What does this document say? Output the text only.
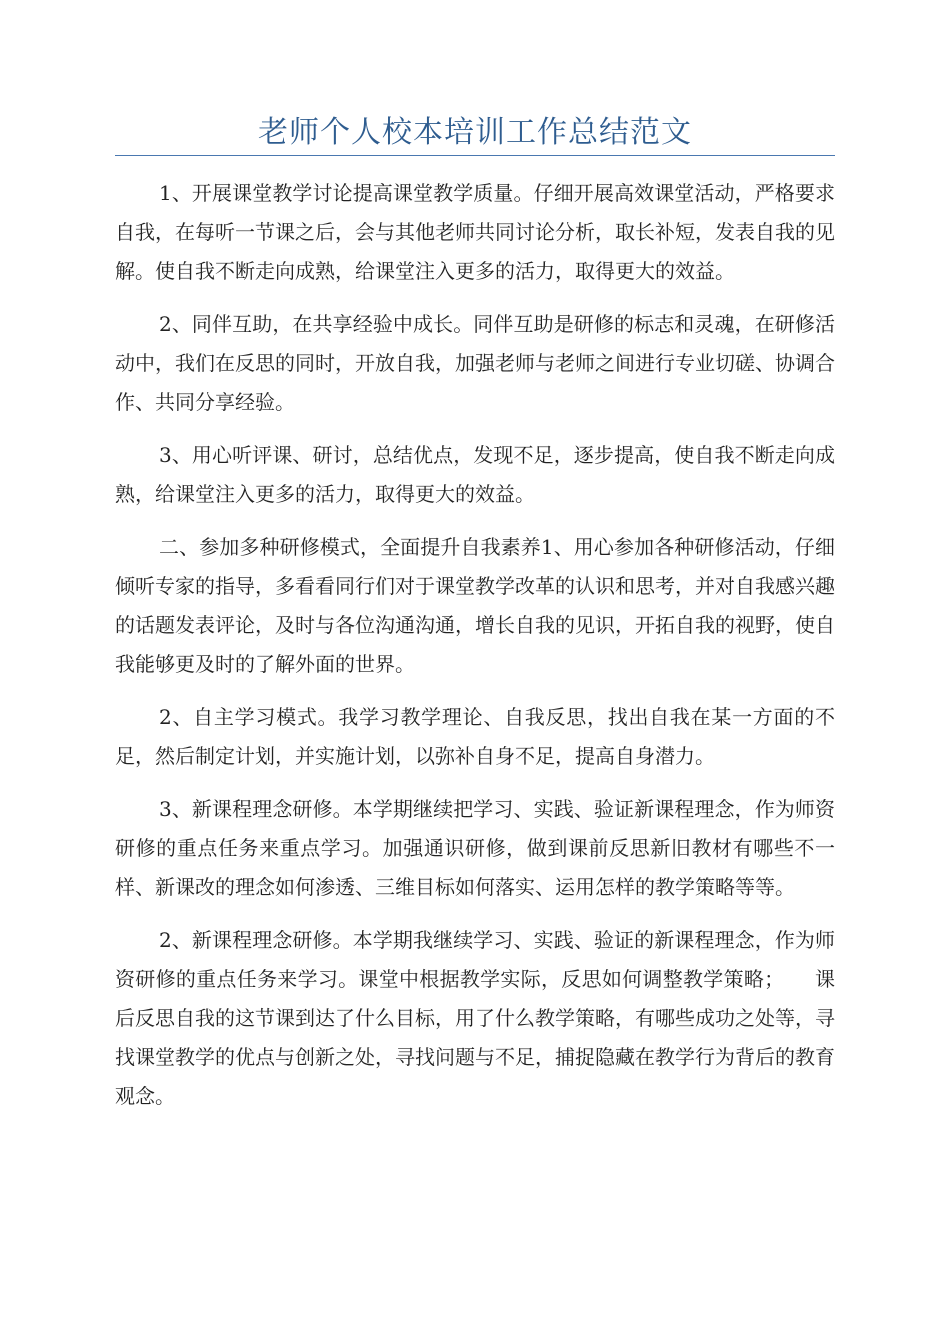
老师个人校本培训工作总结范文

1、开展课堂教学讨论提高课堂教学质量。仔细开展高效课堂活动，严格要求自我，在每听一节课之后，会与其他老师共同讨论分析，取长补短，发表自我的见解。使自我不断走向成熟，给课堂注入更多的活力，取得更大的效益。

2、同伴互助，在共享经验中成长。同伴互助是研修的标志和灵魂，在研修活动中，我们在反思的同时，开放自我，加强老师与老师之间进行专业切磋、协调合作、共同分享经验。

3、用心听评课、研讨，总结优点，发现不足，逐步提高，使自我不断走向成熟，给课堂注入更多的活力，取得更大的效益。

二、参加多种研修模式，全面提升自我素养1、用心参加各种研修活动，仔细倾听专家的指导，多看看同行们对于课堂教学改革的认识和思考，并对自我感兴趣的话题发表评论，及时与各位沟通沟通，增长自我的见识，开拓自我的视野，使自我能够更及时的了解外面的世界。

2、自主学习模式。我学习教学理论、自我反思，找出自我在某一方面的不足，然后制定计划，并实施计划，以弥补自身不足，提高自身潜力。

3、新课程理念研修。本学期继续把学习、实践、验证新课程理念，作为师资研修的重点任务来重点学习。加强通识研修，做到课前反思新旧教材有哪些不一样、新课改的理念如何渗透、三维目标如何落实、运用怎样的教学策略等等。

2、新课程理念研修。本学期我继续学习、实践、验证的新课程理念，作为师资研修的重点任务来学习。课堂中根据教学实际，反思如何调整教学策略；　　课后反思自我的这节课到达了什么目标，用了什么教学策略，有哪些成功之处等，寻找课堂教学的优点与创新之处，寻找问题与不足，捕捉隐藏在教学行为背后的教育观念。
